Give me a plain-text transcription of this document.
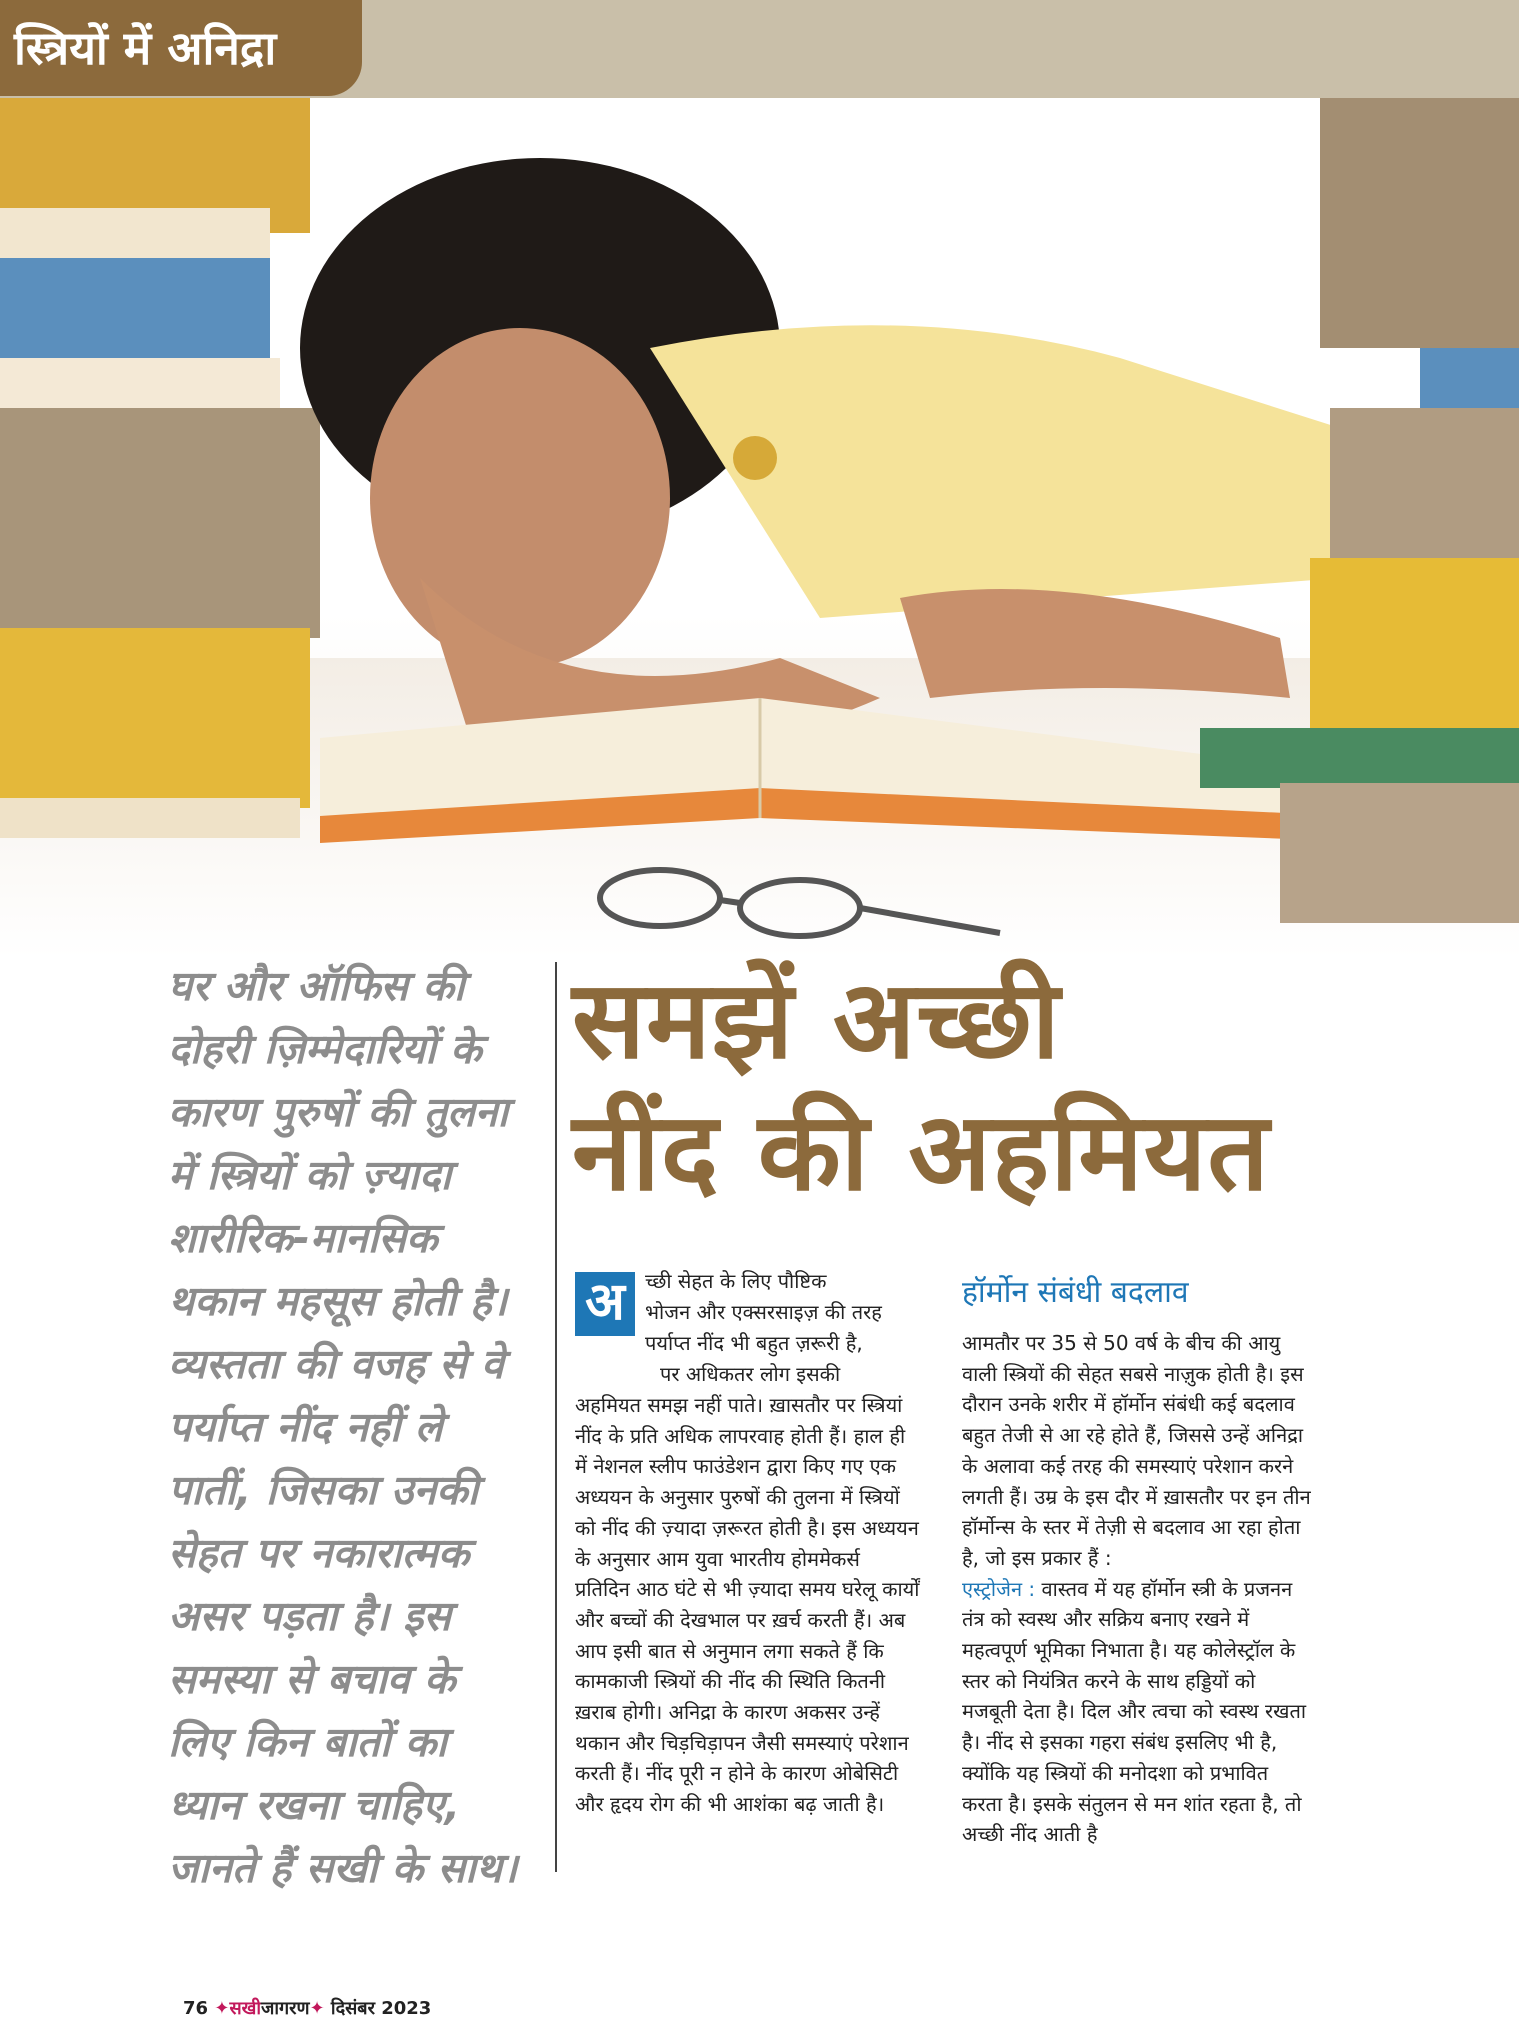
स्त्रियों में अनिद्रा

घर और ऑफिस की दोहरी ज़िम्मेदारियों के कारण पुरुषों की तुलना में स्त्रियों को ज़्यादा शारीरिक-मानसिक थकान महसूस होती है। व्यस्तता की वजह से वे पर्याप्त नींद नहीं ले पातीं, जिसका उनकी सेहत पर नकारात्मक असर पड़ता है। इस समस्या से बचाव के लिए किन बातों का ध्यान रखना चाहिए, जानते हैं सखी के साथ।

समझें अच्छी
नींद की अहमियत
अ	च्छी सेहत के लिए पौष्टिक
भोजन और एक्सरसाइज़ की तरह
पर्याप्त नींद भी बहुत ज़रूरी है,
पर अधिकतर लोग इसकी
अहमियत समझ नहीं पाते। ख़ासतौर पर स्त्रियां नींद के प्रति अधिक लापरवाह होती हैं। हाल ही में नेशनल स्लीप फाउंडेशन द्वारा किए गए एक अध्ययन के अनुसार पुरुषों की तुलना में स्त्रियों को नींद की ज़्यादा ज़रूरत होती है। इस अध्ययन के अनुसार आम युवा भारतीय होममेकर्स प्रतिदिन आठ घंटे से भी ज़्यादा समय घरेलू कार्यों और बच्चों की देखभाल पर ख़र्च करती हैं। अब आप इसी बात से अनुमान लगा सकते हैं कि कामकाजी स्त्रियों की नींद की स्थिति कितनी ख़राब होगी। अनिद्रा के कारण अकसर उन्हें थकान और चिड़चिड़ापन जैसी समस्याएं परेशान करती हैं। नींद पूरी न होने के कारण ओबेसिटी और हृदय रोग की भी आशंका बढ़ जाती है।
हॉर्मोन संबंधी बदलाव
आमतौर पर 35 से 50 वर्ष के बीच की आयु वाली स्त्रियों की सेहत सबसे नाज़ुक होती है। इस दौरान उनके शरीर में हॉर्मोन संबंधी कई बदलाव बहुत तेजी से आ रहे होते हैं, जिससे उन्हें अनिद्रा के अलावा कई तरह की समस्याएं परेशान करने लगती हैं। उम्र के इस दौर में ख़ासतौर पर इन तीन हॉर्मोन्स के स्तर में तेज़ी से बदलाव आ रहा होता है, जो इस प्रकार हैं :
एस्ट्रोजेन : वास्तव में यह हॉर्मोन स्त्री के प्रजनन तंत्र को स्वस्थ और सक्रिय बनाए रखने में महत्वपूर्ण भूमिका निभाता है। यह कोलेस्ट्रॉल के स्तर को नियंत्रित करने के साथ हड्डियों को मजबूती देता है। दिल और त्वचा को स्वस्थ रखता है। नींद से इसका गहरा संबंध इसलिए भी है, क्योंकि यह स्त्रियों की मनोदशा को प्रभावित करता है। इसके संतुलन से मन शांत रहता है, तो अच्छी नींद आती है
76 ✦सखीजागरण✦ दिसंबर 2023
